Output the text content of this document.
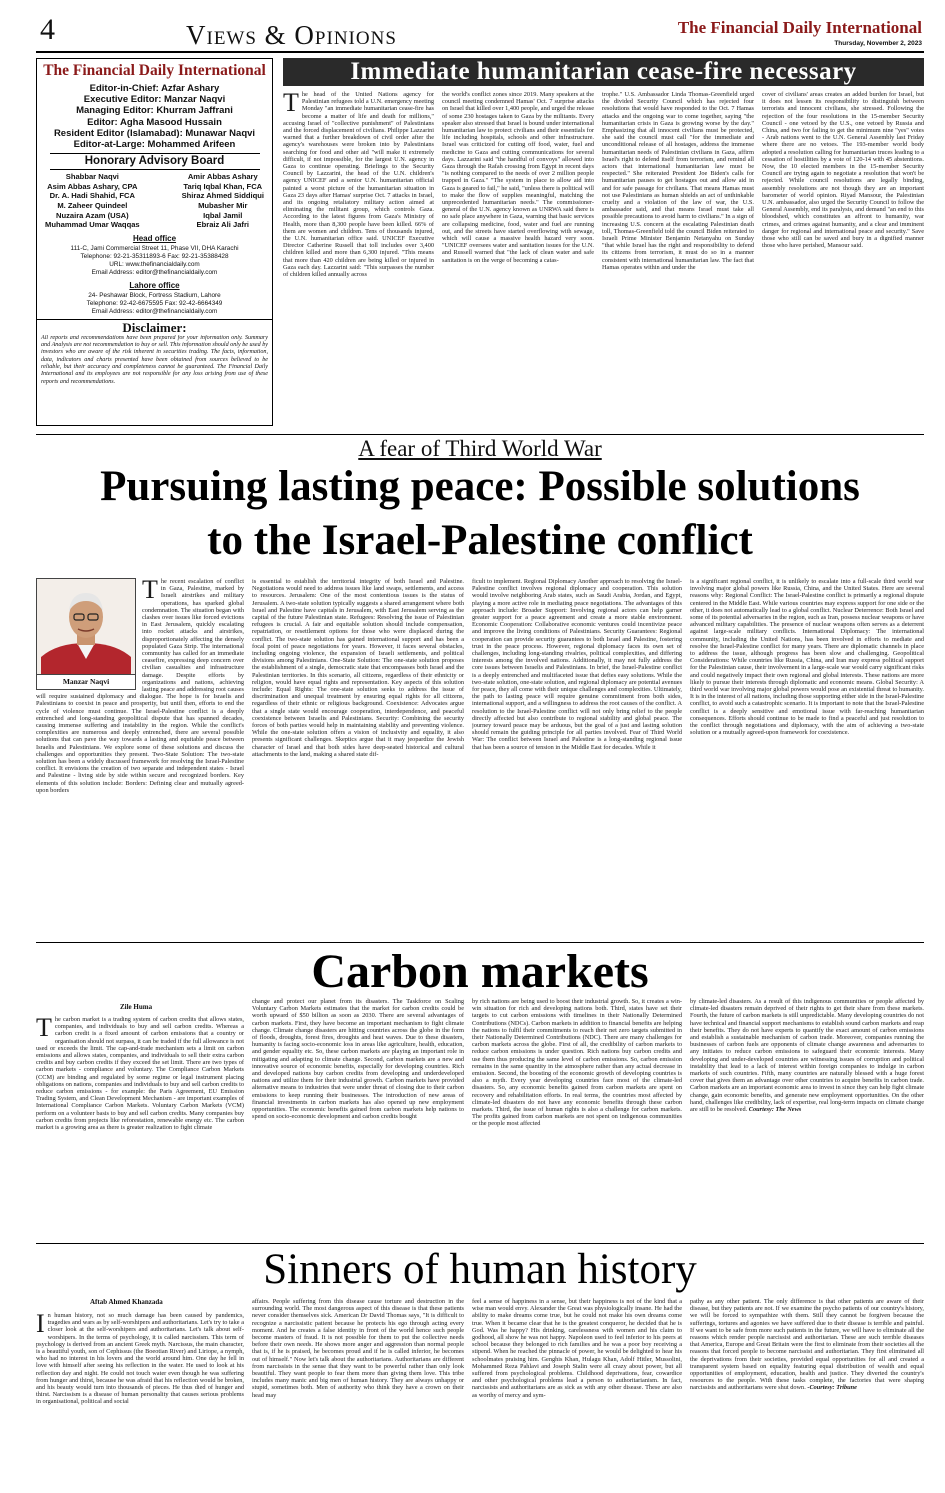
4	Views & Opinions	The Financial Daily International
Thursday, November 2, 2023
The Financial Daily International
Editor-in-Chief: Azfar Ashary
Executive Editor: Manzar Naqvi
Managing Editor: Khurram Jaffrani
Editor: Agha Masood Hussain
Resident Editor (Islamabad): Munawar Naqvi
Editor-at-Large: Mohammed Arifeen
Honorary Advisory Board
Shabbar Naqvi
Asim Abbas Ashary, CPA
Dr. A. Hadi Shahid, FCA
M. Zaheer Quindeel
Nuzaira Azam (USA)
Muhammad Umar Waqqas
Amir Abbas Ashary
Tariq Iqbal Khan, FCA
Shiraz Ahmed Siddiqui
Mubasher Mir
Iqbal Jamil
Ebraiz Ali Jafri
Head office
111-C, Jami Commercial Street 11, Phase VII, DHA Karachi
Telephone: 92-21-35311893-6 Fax: 92-21-35388428
URL: www.thefinancialdaily.com
Email Address: editor@thefinancialdaily.com
Lahore office
24- Peshawar Block, Fortress Stadium, Lahore
Telephone: 92-42-6675595 Fax: 92-42-6664349
Email Address: editor@thefinancialdaily.com
Disclaimer:
All reports and recommendations have been prepared for your information only. Summary and Analysis are not recommendation to buy or sell. This information should only be used by investors who are aware of the risk inherent in securities trading. The facts, information, data, indicators and charts presented have been obtained from sources believed to be reliable, but their accuracy and completeness cannot be guaranteed. The Financial Daily International and its employees are not responsible for any loss arising from use of these reports and recommendations.
Immediate humanitarian cease-fire necessary
The head of the United Nations agency for Palestinian refugees told a U.N. emergency meeting Monday "an immediate humanitarian cease-fire has become a matter of life and death for millions," accusing Israel of "collective punishment" of Palestinians and the forced displacement of civilians. Philippe Lazzarini warned that a further breakdown of civil order after the agency's warehouses were broken into by Palestinians searching for food and other aid "will make it extremely difficult, if not impossible, for the largest U.N. agency in Gaza to continue operating. Briefings to the Security Council by Lazzarini, the head of the U.N. children's agency UNICEF and a senior U.N. humanitarian official painted a worst picture of the humanitarian situation in Gaza 23 days after Hamas' surprise Oct. 7 attacks in Israel, and its ongoing retaliatory military action aimed at eliminating the militant group, which controls Gaza. According to the latest figures from Gaza's Ministry of Health, more than 8,300 people have been killed. 66% of them are women and children. Tens of thousands injured, the U.N. humanitarian office said. UNICEF Executive Director Catherine Russell that toll includes over 3,400 children killed and more than 6,300 injured. "This means that more than 420 children are being killed or injured in Gaza each day. Lazzarini said: "This surpasses the number of children killed annually across
the world's conflict zones since 2019. Many speakers at the council meeting condemned Hamas' Oct. 7 surprise attacks on Israel that killed over 1,400 people, and urged the release of some 230 hostages taken to Gaza by the militants. Every speaker also stressed that Israel is bound under international humanitarian law to protect civilians and their essentials for life including hospitals, schools and other infrastructure. Israel was criticized for cutting off food, water, fuel and medicine to Gaza and cutting communications for several days. Lazzarini said "the handful of convoys" allowed into Gaza through the Rafah crossing from Egypt in recent days "is nothing compared to the needs of over 2 million people trapped in Gaza." "The system in place to allow aid into Gaza is geared to fail," he said, "unless there is political will to make the flow of supplies meaningful, matching the unprecedented humanitarian needs." The commissioner-general of the U.N. agency known as UNRWA said there is no safe place anywhere in Gaza, warning that basic services are collapsing medicine, food, water and fuel are running out, and the streets have started overflowing with sewage, which will cause a massive health hazard very soon. "UNICEF oversees water and sanitation issues for the U.N. and Russell warned that "the lack of clean water and safe sanitation is on the verge of becoming a catas-
trophe." U.S. Ambassador Linda Thomas-Greenfield urged the divided Security Council which has rejected four resolutions that would have responded to the Oct. 7 Hamas attacks and the ongoing war to come together, saying "the humanitarian crisis in Gaza is growing worse by the day." Emphasizing that all innocent civilians must be protected, she said the council must call "for the immediate and unconditional release of all hostages, address the immense humanitarian needs of Palestinian civilians in Gaza, affirm Israel's right to defend itself from terrorism, and remind all actors that international humanitarian law must be respected." She reiterated President Joe Biden's calls for humanitarian pauses to get hostages out and allow aid in and for safe passage for civilians. That means Hamas must not use Palestinians as human shields an act of unthinkable cruelty and a violation of the law of war, the U.S. ambassador said, and that means Israel must take all possible precautions to avoid harm to civilians." In a sign of increasing U.S. concern at the escalating Palestinian death toll, Thomas-Greenfield told the council Biden reiterated to Israeli Prime Minister Benjamin Netanyahu on Sunday "that while Israel has the right and responsibility to defend its citizens from terrorism, it must do so in a manner consistent with international humanitarian law. The fact that Hamas operates within and under the
cover of civilians' areas creates an added burden for Israel, but it does not lessen its responsibility to distinguish between terrorists and innocent civilians, she stressed. Following the rejection of the four resolutions in the 15-member Security Council - one vetoed by the U.S., one vetoed by Russia and China, and two for failing to get the minimum nine "yes" votes - Arab nations went to the U.N. General Assembly last Friday where there are no vetoes. The 193-member world body adopted a resolution calling for humanitarian truces leading to a cessation of hostilities by a vote of 120-14 with 45 abstentions. Now, the 10 elected members in the 15-member Security Council are trying again to negotiate a resolution that won't be rejected. While council resolutions are legally binding, assembly resolutions are not though they are an important barometer of world opinion. Riyad Mansour, the Palestinian U.N. ambassador, also urged the Security Council to follow the General Assembly, end its paralysis, and demand "an end to this bloodshed, which constitutes an affront to humanity, war crimes, and crimes against humanity, and a clear and imminent danger for regional and international peace and security." Save those who still can be saved and bury in a dignified manner those who have perished, Mansour said.
A fear of Third World War
Pursuing lasting peace: Possible solutions
to the Israel-Palestine conflict
Manzar Naqvi
The recent escalation of conflict in Gaza, Palestine, marked by Israeli airstrikes and military operations, has sparked global condemnation. The situation began with clashes over issues like forced evictions in East Jerusalem, quickly escalating into rocket attacks and airstrikes, disproportionately affecting the densely populated Gaza Strip. The international community has called for an immediate ceasefire, expressing deep concern over civilian casualties and infrastructure damage. Despite efforts by organizations and nations, achieving lasting peace and addressing root causes will require sustained diplomacy and dialogue. The hope is for Israelis and Palestinians to coexist in peace and prosperity, but until then, efforts to end the cycle of violence must continue. The Israel-Palestine conflict is a deeply entrenched and long-standing geopolitical dispute that has spanned decades, causing immense suffering and instability in the region. While the conflict's complexities are numerous and deeply entrenched, there are several possible solutions that can pave the way towards a lasting and equitable peace between Israelis and Palestinians. We explore some of these solutions and discuss the challenges and opportunities they present. Two-State Solution: The two-state solution has been a widely discussed framework for resolving the Israel-Palestine conflict. It envisions the creation of two separate and independent states - Israel and Palestine - living side by side within secure and recognized borders. Key elements of this solution include: Borders: Defining clear and mutually agreed-upon borders
is essential to establish the territorial integrity of both Israel and Palestine. Negotiations would need to address issues like land swaps, settlements, and access to resources. Jerusalem: One of the most contentious issues is the status of Jerusalem. A two-state solution typically suggests a shared arrangement where both Israel and Palestine have capitals in Jerusalem, with East Jerusalem serving as the capital of the future Palestinian state. Refugees: Resolving the issue of Palestinian refugees is crucial. A fair and equitable solution should include compensation, repatriation, or resettlement options for those who were displaced during the conflict. The two-state solution has gained international support and has been a focal point of peace negotiations for years. However, it faces several obstacles, including ongoing violence, the expansion of Israeli settlements, and political divisions among Palestinians. One-State Solution: The one-state solution proposes the establishment of a single, democratic state that encompasses both Israel and the Palestinian territories. In this scenario, all citizens, regardless of their ethnicity or religion, would have equal rights and representation. Key aspects of this solution include: Equal Rights: The one-state solution seeks to address the issue of discrimination and unequal treatment by ensuring equal rights for all citizens, regardless of their ethnic or religious background. Coexistence: Advocates argue that a single state would encourage cooperation, interdependence, and peaceful coexistence between Israelis and Palestinians. Security: Combining the security forces of both parties would help in maintaining stability and preventing violence. While the one-state solution offers a vision of inclusivity and equality, it also presents significant challenges. Skeptics argue that it may jeopardize the Jewish character of Israel and that both sides have deep-seated historical and cultural attachments to the land, making a shared state dif-
ficult to implement. Regional Diplomacy Another approach to resolving the Israel-Palestine conflict involves regional diplomacy and cooperation. This solution would involve neighboring Arab states, such as Saudi Arabia, Jordan, and Egypt, playing a more active role in mediating peace negotiations. The advantages of this approach include: Broader Support: Involving regional actors can help garner greater support for a peace agreement and create a more stable environment. Economic Cooperation: Collaborative economic ventures could incentivize peace and improve the living conditions of Palestinians. Security Guarantees: Regional cooperation can provide security guarantees to both Israel and Palestine, fostering trust in the peace process. However, regional diplomacy faces its own set of challenges, including long-standing rivalries, political complexities, and differing interests among the involved nations. Additionally, it may not fully address the core issues between Israelis and Palestinians. In brief, the Israel-Palestine conflict is a deeply entrenched and multifaceted issue that defies easy solutions. While the two-state solution, one-state solution, and regional diplomacy are potential avenues for peace, they all come with their unique challenges and complexities. Ultimately, the path to lasting peace will require genuine commitment from both sides, international support, and a willingness to address the root causes of the conflict. A resolution to the Israel-Palestine conflict will not only bring relief to the people directly affected but also contribute to regional stability and global peace. The journey toward peace may be arduous, but the goal of a just and lasting solution should remain the guiding principle for all parties involved. Fear of Third World War: The conflict between Israel and Palestine is a long-standing regional issue that has been a source of tension in the Middle East for decades. While it
is a significant regional conflict, it is unlikely to escalate into a full-scale third world war involving major global powers like Russia, China, and the United States. Here are several reasons why: Regional Conflict: The Israel-Palestine conflict is primarily a regional dispute centered in the Middle East. While various countries may express support for one side or the other, it does not automatically lead to a global conflict. Nuclear Deterrence: Both Israel and some of its potential adversaries in the region, such as Iran, possess nuclear weapons or have advanced military capabilities. The presence of nuclear weapons often serves as a deterrent against large-scale military conflicts. International Diplomacy: The international community, including the United Nations, has been involved in efforts to mediate and resolve the Israel-Palestine conflict for many years. There are diplomatic channels in place to address the issue, although progress has been slow and challenging. Geopolitical Considerations: While countries like Russia, China, and Iran may express political support for the Palestinian cause, their involvement in a large-scale war would carry significant risks and could negatively impact their own regional and global interests. These nations are more likely to pursue their interests through diplomatic and economic means. Global Security: A third world war involving major global powers would pose an existential threat to humanity. It is in the interest of all nations, including those supporting either side in the Israel-Palestine conflict, to avoid such a catastrophic scenario. It is important to note that the Israel-Palestine conflict is a deeply sensitive and emotional issue with far-reaching humanitarian consequences. Efforts should continue to be made to find a peaceful and just resolution to the conflict through negotiations and diplomacy, with the aim of achieving a two-state solution or a mutually agreed-upon framework for coexistence.
Carbon markets
Zile Huma
The carbon market is a trading system of carbon credits that allows states, companies, and individuals to buy and sell carbon credits. Whereas a carbon credit is a fixed amount of carbon emissions that a country or organisation should not surpass, it can be traded if the full allowance is not used or exceeds the limit. The cap-and-trade mechanism sets a limit on carbon emissions and allows states, companies, and individuals to sell their extra carbon credits and buy carbon credits if they exceed the set limit. There are two types of carbon markets - compliance and voluntary. The Compliance Carbon Markets (CCM) are binding and regulated by some regime or legal instrument placing obligations on nations, companies and individuals to buy and sell carbon credits to reduce carbon emissions - for example: the Paris Agreement, EU Emission Trading System, and Clean Development Mechanism - are important examples of International Compliance Carbon Markets. Voluntary Carbon Markets (VCM) perform on a volunteer basis to buy and sell carbon credits. Many companies buy carbon credits from projects like reforestation, renewable energy etc. The carbon market is a growing area as there is greater realization to fight climate
change and protect our planet from its disasters. The Taskforce on Scaling Voluntary Carbon Markets estimates that the market for carbon credits could be worth upward of $50 billion as soon as 2030. There are several advantages of carbon markets. First, they have become an important mechanism to fight climate change. Climate change disasters are hitting countries across the globe in the form of floods, droughts, forest fires, droughts and heat waves. Due to these disasters, humanity is facing socio-economic loss in areas like agriculture, health, education, and gender equality etc. So, these carbon markets are playing an important role in mitigating and adapting to climate change. Second, carbon markets are a new and innovative source of economic benefits, especially for developing countries. Rich and developed nations buy carbon credits from developing and underdeveloped nations and utilize them for their industrial growth. Carbon markets have provided alternative means to industries that were under threat of closing due to their carbon emissions to keep running their businesses. The introduction of new areas of financial investments in carbon markets has also opened up new employment opportunities. The economic benefits gained from carbon markets help nations to spend on socio-economic development and carbon credits bought
by rich nations are being used to boost their industrial growth. So, it creates a win-win situation for rich and developing nations both. Third, states have set their targets to cut carbon emissions with timelines in their Nationally Determined Contributions (NDCs). Carbon markets in addition to financial benefits are helping the nations to fulfil their commitments to reach their net zero targets submitted in their Nationally Determined Contributions (NDC). There are many challenges for carbon markets across the globe. First of all, the credibility of carbon markets to reduce carbon emissions is under question. Rich nations buy carbon credits and use them thus producing the same level of carbon emissions. So, carbon emission remains in the same quantity in the atmosphere rather than any actual decrease in emission. Second, the boosting of the economic growth of developing countries is also a myth. Every year developing countries face most of the climate-led disasters. So, any economic benefits gained from carbon markets are spent on recovery and rehabilitation efforts. In real terms, the countries most affected by climate-led disasters do not have any economic benefits through these carbon markets. Third, the issue of human rights is also a challenge for carbon markets. The profits gained from carbon markets are not spent on indigenous communities or the people most affected
by climate-led disasters. As a result of this indigenous communities or people affected by climate-led disasters remain deprived of their rights to get their share from these markets. Fourth, the future of carbon markets is still unpredictable. Many developing countries do not have technical and financial support mechanisms to establish sound carbon markets and reap their benefits. They do not have experts to quantify the exact amount of carbon emissions and establish a sustainable mechanism of carbon trade. Moreover, companies running the businesses of carbon fuels are opponents of climate change awareness and adversaries to any initiates to reduce carbon emissions to safeguard their economic interests. Many developing and under-developed countries are witnessing issues of corruption and political instability that lead to a lack of interest within foreign companies to indulge in carbon markets of such countries. Fifth, many countries are naturally blessed with a huge forest cover that gives them an advantage over other countries to acquire benefits in carbon trade. Carbon markets are an important economic area to invest in since they can help fight climate change, gain economic benefits, and generate new employment opportunities. On the other hand, challenges like credibility, lack of expertise, real long-term impacts on climate change are still to be resolved. Courtesy: The News
Sinners of human history
Aftab Ahmed Khanzada
In human history, not so much damage has been caused by pandemics, tragedies and wars as by self-worshipers and authoritarians. Let's try to take a closer look at the self-worshipers and authoritarians. Let's talk about self-worshipers. In the terms of psychology, it is called narcissism. This term of psychology is derived from an ancient Greek myth. Narcissus, the main character, is a beautiful youth, son of Cephissus (the Boeotian River) and Liriope, a nymph, who had no interest in his lovers and the world around him. One day he fell in love with himself after seeing his reflection in the water. He used to look at his reflection day and night. He could not touch water even though he was suffering from hunger and thirst, because he was afraid that his reflection would be broken, and his beauty would turn into thousands of pieces. He thus died of hunger and thirst. Narcissism is a disease of human personality that causes serious problems in organisational, political and social
affairs. People suffering from this disease cause torture and destruction in the surrounding world. The most dangerous aspect of this disease is that these patients never consider themselves sick. American Dr David Thomas says, "It is difficult to recognize a narcissistic patient because he protects his ego through acting every moment. And he creates a false identity in front of the world hence such people become masters of fraud. It is not possible for them to put the collective needs before their own needs. He shows more anger and aggression than normal people that is, if he is praised, he becomes proud and if he is called inferior, he becomes out of himself." Now let's talk about the authoritarians. Authoritarians are different from narcissists in the sense that they want to be powerful rather than only look beautiful. They want people to fear them more than giving them love. This tribe includes many manic and big men of human history. They are always unhappy or stupid, sometimes both. Men of authority who think they have a crown on their head may
feel a sense of happiness in a sense, but their happiness is not of the kind that a wise man would envy. Alexander the Great was physiologically insane. He had the ability to make dreams come true, but he could not make his own dreams come true. When it became clear that he is the greatest conqueror, he decided that he is God. Was he happy? His drinking, carelessness with women and his claim to godhood, all show he was not happy. Napoleon used to feel inferior to his peers at school because they belonged to rich families and he was a poor boy receiving a stipend. When he reached the pinnacle of power, he would be delighted to hear his schoolmates praising him. Genghis Khan, Hulagu Khan, Adolf Hitler, Mussolini, Mohammed Reza Pahlavi and Joseph Stalin were all crazy about power, but all suffered from psychological problems. Childhood deprivations, fear, cowardice and other psychological problems lead a person to authoritarianism. In fact, narcissists and authoritarians are as sick as with any other disease. These are also as worthy of mercy and sym-
pathy as any other patient. The only difference is that other patients are aware of their disease, but they patients are not. If we examine the psycho patients of our country's history, we will be forced to sympathize with them. Still they cannot be forgiven because the sufferings, tortures and agonies we have suffered due to their disease is terrible and painful. If we want to be safe from more such patients in the future, we will have to eliminate all the reasons which render people narcissist and authoritarian. These are such terrible diseases that America, Europe and Great Britain were the first to eliminate from their societies all the reasons that forced people to become narcissist and authoritarian. They first eliminated all the deprivations from their societies, provided equal opportunities for all and created a transparent system based on equality featuring equal distribution of wealth and equal opportunities of employment, education, health and justice. They diverted the country's resources to the people. With these tasks complete, the factories that were shaping narcissists and authoritarians were shut down. -Courtesy: Tribune
